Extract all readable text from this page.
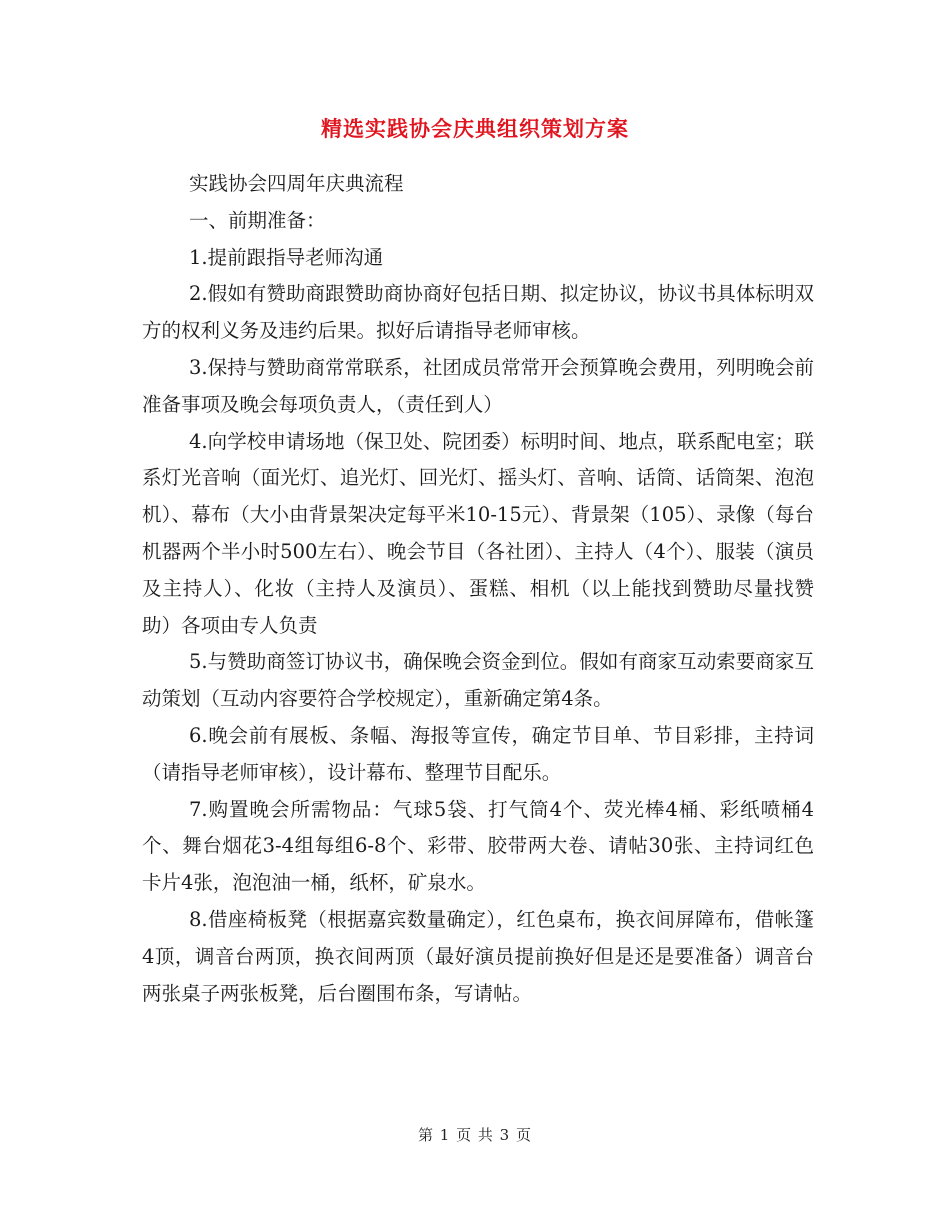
精选实践协会庆典组织策划方案

实践协会四周年庆典流程

一、前期准备：

1.提前跟指导老师沟通

2.假如有赞助商跟赞助商协商好包括日期、拟定协议，协议书具体标明双方的权利义务及违约后果。拟好后请指导老师审核。

3.保持与赞助商常常联系，社团成员常常开会预算晚会费用，列明晚会前准备事项及晚会每项负责人，（责任到人）

4.向学校申请场地（保卫处、院团委）标明时间、地点，联系配电室；联系灯光音响（面光灯、追光灯、回光灯、摇头灯、音响、话筒、话筒架、泡泡机）、幕布（大小由背景架决定每平米10-15元）、背景架（105）、录像（每台机器两个半小时500左右）、晚会节目（各社团）、主持人（4个）、服装（演员及主持人）、化妆（主持人及演员）、蛋糕、相机（以上能找到赞助尽量找赞助）各项由专人负责

5.与赞助商签订协议书，确保晚会资金到位。假如有商家互动索要商家互动策划（互动内容要符合学校规定），重新确定第4条。

6.晚会前有展板、条幅、海报等宣传，确定节目单、节目彩排，主持词（请指导老师审核），设计幕布、整理节目配乐。

7.购置晚会所需物品：气球5袋、打气筒4个、荧光棒4桶、彩纸喷桶4个、舞台烟花3-4组每组6-8个、彩带、胶带两大卷、请帖30张、主持词红色卡片4张，泡泡油一桶，纸杯，矿泉水。

8.借座椅板凳（根据嘉宾数量确定），红色桌布，换衣间屏障布，借帐篷4顶，调音台两顶，换衣间两顶（最好演员提前换好但是还是要准备）调音台两张桌子两张板凳，后台圈围布条，写请帖。

第 1 页 共 3 页
